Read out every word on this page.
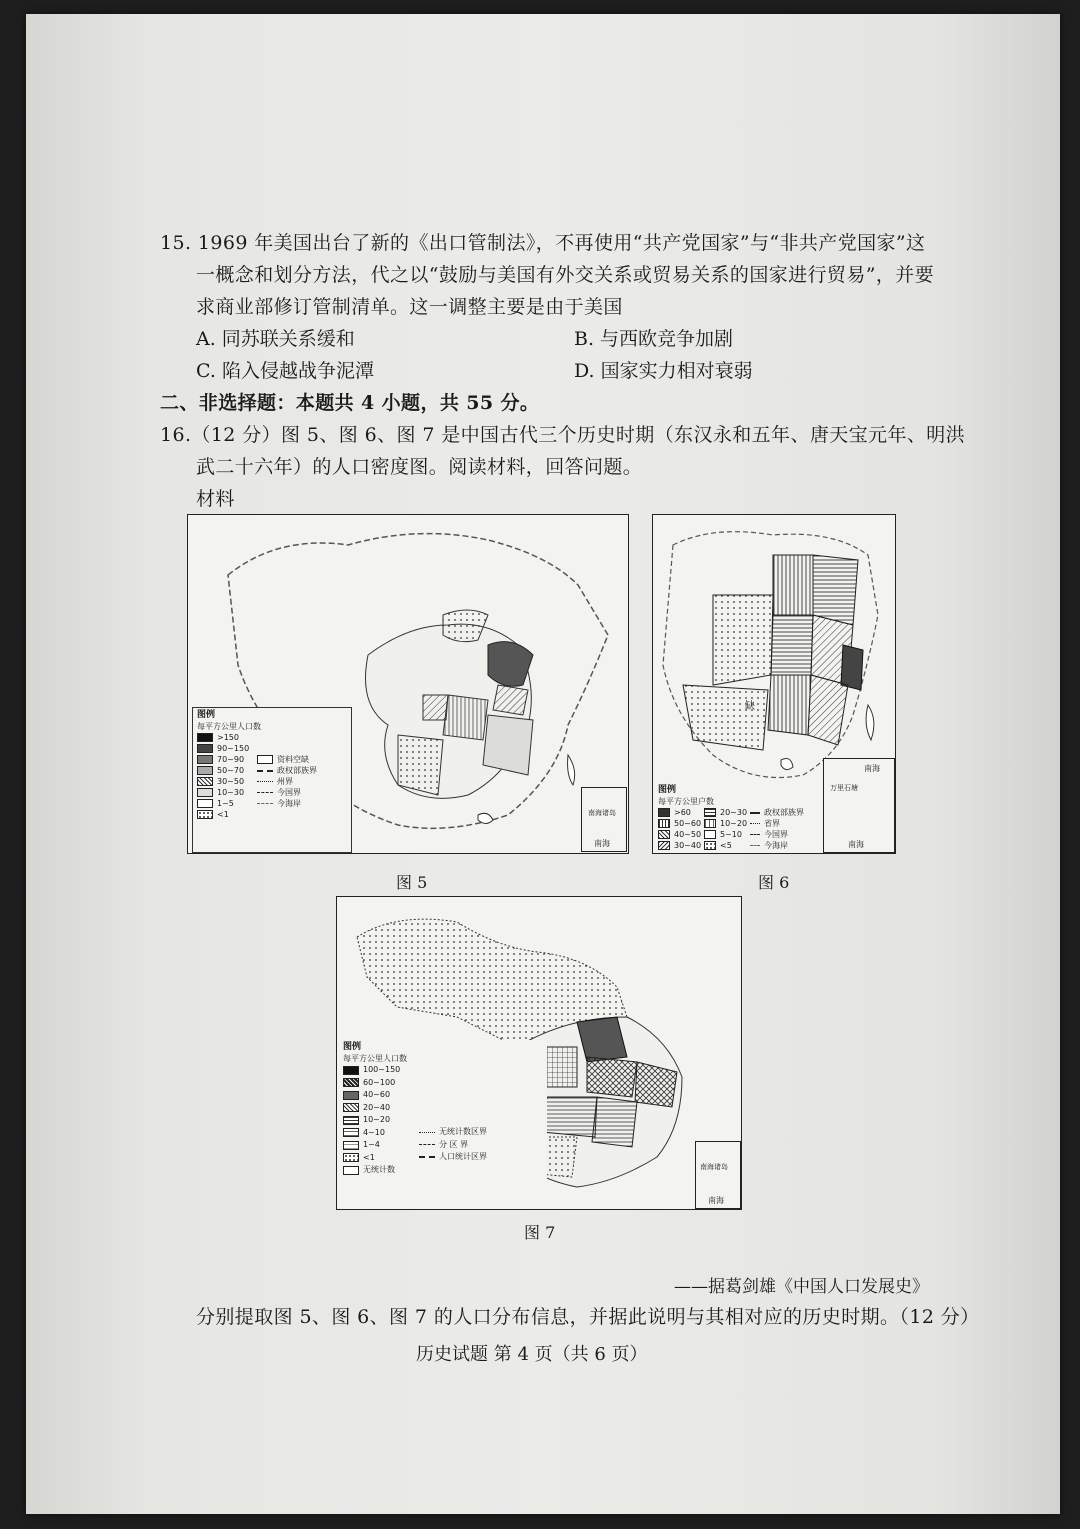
15. 1969 年美国出台了新的《出口管制法》，不再使用“共产党国家”与“非共产党国家”这
一概念和划分方法，代之以“鼓励与美国有外交关系或贸易关系的国家进行贸易”，并要
求商业部修订管制清单。这一调整主要是由于美国
A. 同苏联关系缓和	B. 与西欧竞争加剧
C. 陷入侵越战争泥潭	D. 国家实力相对衰弱
二、非选择题：本题共 4 小题，共 55 分。
16.（12 分）图 5、图 6、图 7 是中国古代三个历史时期（东汉永和五年、唐天宝元年、明洪
武二十六年）的人口密度图。阅读材料，回答问题。
材料
图例
每平方公里人口数
>150
90~150
70~90
50~70
30~50
10~30
1~5
<1
资料空缺
政权部族界
州界
今国界
今海岸
南海诸岛
南海
图 5
缺
图例
每平方公里户数
>60
50~60
40~50
30~40
20~30
10~20
5~10
<5
政权部族界
省界
今国界
今海岸
南海
万里石塘
南海
图 6
图例
每平方公里人口数
100~150
60~100
40~60
20~40
10~20
4~10
1~4
<1
无统计数
无统计数区界
分 区 界
人口统计区界
南海诸岛
南海
图 7
——据葛剑雄《中国人口发展史》
分别提取图 5、图 6、图 7 的人口分布信息，并据此说明与其相对应的历史时期。（12 分）
历史试题 第 4 页（共 6 页）
